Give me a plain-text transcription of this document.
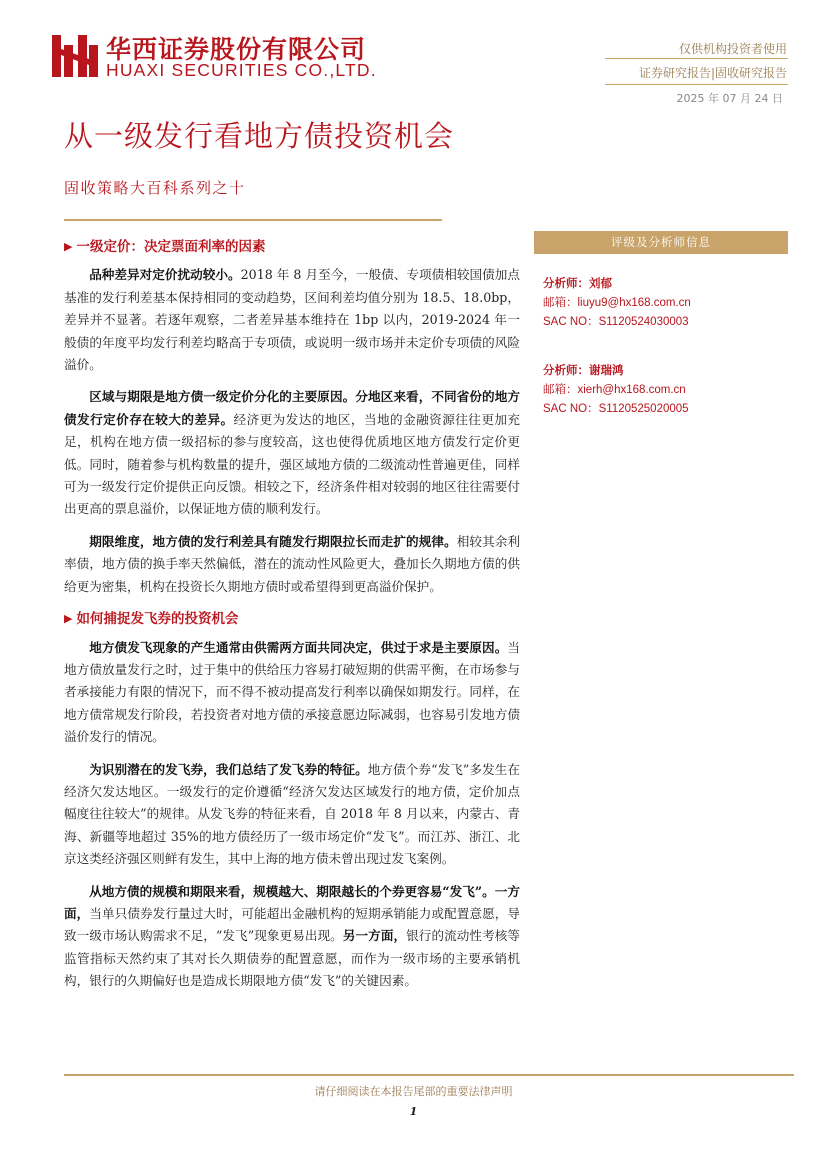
华西证券股份有限公司
HUAXI SECURITIES CO.,LTD.
仅供机构投资者使用
证券研究报告|固收研究报告
2025 年 07 月 24 日
从一级发行看地方债投资机会
固收策略大百科系列之十
▶ 一级定价：决定票面利率的因素

品种差异对定价扰动较小。2018 年 8 月至今，一般债、专项债相较国债加点基准的发行利差基本保持相同的变动趋势，区间利差均值分别为 18.5、18.0bp，差异并不显著。若逐年观察，二者差异基本维持在 1bp 以内，2019-2024 年一般债的年度平均发行利差均略高于专项债，或说明一级市场并未定价专项债的风险溢价。

区域与期限是地方债一级定价分化的主要原因。分地区来看，不同省份的地方债发行定价存在较大的差异。经济更为发达的地区，当地的金融资源往往更加充足，机构在地方债一级招标的参与度较高，这也使得优质地区地方债发行定价更低。同时，随着参与机构数量的提升，强区域地方债的二级流动性普遍更佳，同样可为一级发行定价提供正向反馈。相较之下，经济条件相对较弱的地区往往需要付出更高的票息溢价，以保证地方债的顺利发行。

期限维度，地方债的发行利差具有随发行期限拉长而走扩的规律。相较其余利率债，地方债的换手率天然偏低，潜在的流动性风险更大，叠加长久期地方债的供给更为密集，机构在投资长久期地方债时或希望得到更高溢价保护。

▶ 如何捕捉发飞券的投资机会

地方债发飞现象的产生通常由供需两方面共同决定，供过于求是主要原因。当地方债放量发行之时，过于集中的供给压力容易打破短期的供需平衡，在市场参与者承接能力有限的情况下，而不得不被动提高发行利率以确保如期发行。同样，在地方债常规发行阶段，若投资者对地方债的承接意愿边际减弱，也容易引发地方债溢价发行的情况。

为识别潜在的发飞券，我们总结了发飞券的特征。地方债个券“发飞”多发生在经济欠发达地区。一级发行的定价遵循“经济欠发达区域发行的地方债，定价加点幅度往往较大”的规律。从发飞券的特征来看，自 2018 年 8 月以来，内蒙古、青海、新疆等地超过 35%的地方债经历了一级市场定价“发飞”。而江苏、浙江、北京这类经济强区则鲜有发生，其中上海的地方债未曾出现过发飞案例。

从地方债的规模和期限来看，规模越大、期限越长的个券更容易“发飞”。一方面，当单只债券发行量过大时，可能超出金融机构的短期承销能力或配置意愿，导致一级市场认购需求不足，“发飞”现象更易出现。另一方面，银行的流动性考核等监管指标天然约束了其对长久期债券的配置意愿，而作为一级市场的主要承销机构，银行的久期偏好也是造成长期限地方债“发飞”的关键因素。

评级及分析师信息
分析师：刘郁
邮箱：liuyu9@hx168.com.cn
SAC NO：S1120524030003
分析师：谢瑞鸿
邮箱：xierh@hx168.com.cn
SAC NO：S1120525020005
请仔细阅读在本报告尾部的重要法律声明
1
